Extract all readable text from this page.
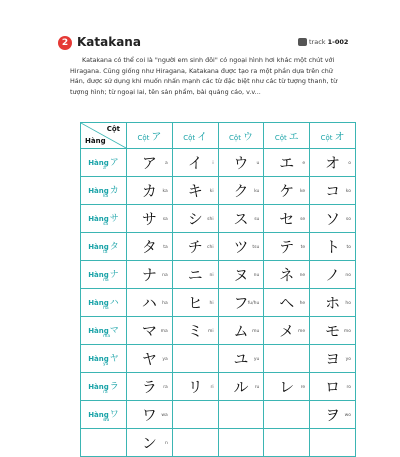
2 Katakana	track 1-002

Katakana có thể coi là "người em sinh đôi" có ngoại hình hơi khác một chút với Hiragana. Cũng giống như Hiragana, Katakana được tạo ra một phần dựa trên chữ Hán, được sử dụng khi muốn nhấn mạnh các từ đặc biệt như các từ tượng thanh, từ tượng hình; từ ngoại lai, tên sản phẩm, bài quảng cáo, v.v...

Cột
Hàng	Cột ア	Cột イ	Cột ウ	Cột エ	Cột オ
Hàngア
a	ア a	イ i	ウ u	エ e	オ o

Hàngカ
ka	カ ka	キ ki	ク ku	ケ ke	コ ko

Hàngサ
sa	サ sa	シ shi	ス su	セ se	ソ so

Hàngタ
ta	タ ta	チ chi	ツ tsu	テ te	ト to

Hàngナ
na	ナ na	ニ ni	ヌ nu	ネ ne	ノ no

Hàngハ
ha	ハ ha	ヒ hi	フ fu/hu	ヘ he	ホ ho

Hàngマ
ma	マ ma	ミ mi	ム mu	メ me	モ mo

Hàngヤ
ya	ヤ ya		ユ yu		ヨ yo

Hàngラ
ra	ラ ra	リ ri	ル ru	レ re	ロ ro

Hàngワ
wa	ワ wa				ヲ wo

	ン n				
